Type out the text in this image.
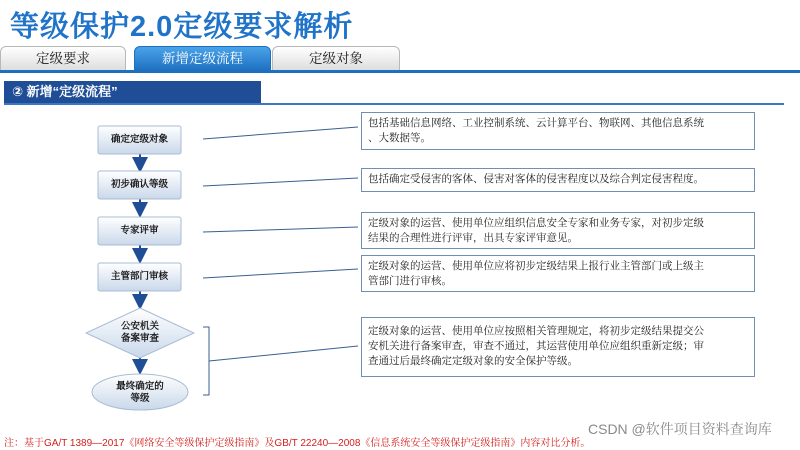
等级保护2.0定级要求解析
定级要求	新增定级流程	定级对象
② 新增“定级流程”
确定定级对象
初步确认等级
专家评审
主管部门审核
公安机关
备案审查
最终确定的
等级
包括基础信息网络、工业控制系统、云计算平台、物联网、其他信息系统
、大数据等。
包括确定受侵害的客体、侵害对客体的侵害程度以及综合判定侵害程度。
定级对象的运营、使用单位应组织信息安全专家和业务专家，对初步定级
结果的合理性进行评审，出具专家评审意见。
定级对象的运营、使用单位应将初步定级结果上报行业主管部门或上级主
管部门进行审核。
定级对象的运营、使用单位应按照相关管理规定，将初步定级结果提交公
安机关进行备案审查，审查不通过，其运营使用单位应组织重新定级；审
查通过后最终确定定级对象的安全保护等级。
CSDN @软件项目资料查询库
注：基于GA/T 1389—2017《网络安全等级保护定级指南》及GB/T 22240—2008《信息系统安全等级保护定级指南》内容对比分析。
